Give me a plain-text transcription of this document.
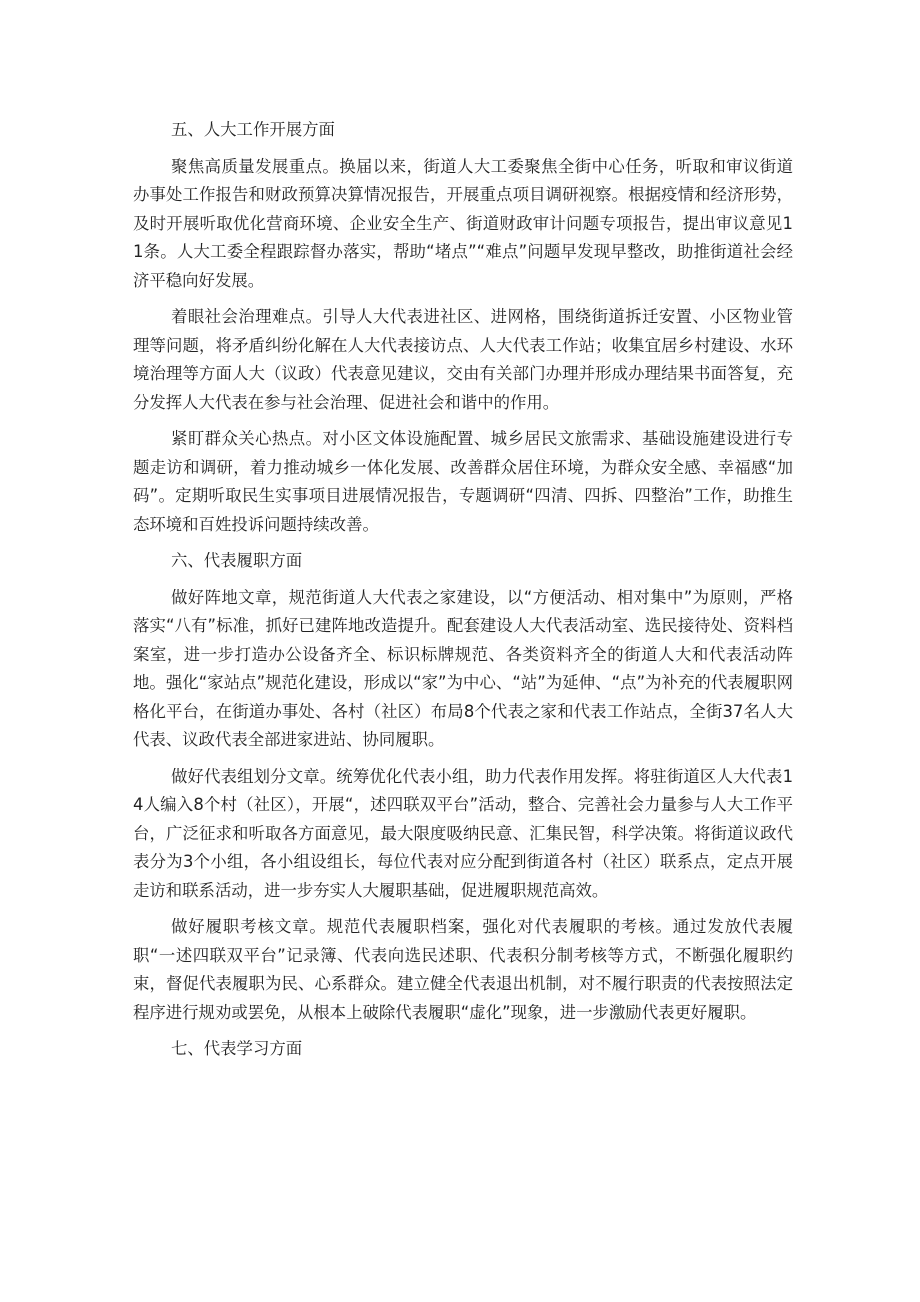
五、人大工作开展方面

聚焦高质量发展重点。换届以来，街道人大工委聚焦全街中心任务，听取和审议街道办事处工作报告和财政预算决算情况报告，开展重点项目调研视察。根据疫情和经济形势，及时开展听取优化营商环境、企业安全生产、街道财政审计问题专项报告，提出审议意见11条。人大工委全程跟踪督办落实，帮助“堵点”“难点”问题早发现早整改，助推街道社会经济平稳向好发展。

着眼社会治理难点。引导人大代表进社区、进网格，围绕街道拆迁安置、小区物业管理等问题，将矛盾纠纷化解在人大代表接访点、人大代表工作站；收集宜居乡村建设、水环境治理等方面人大（议政）代表意见建议，交由有关部门办理并形成办理结果书面答复，充分发挥人大代表在参与社会治理、促进社会和谐中的作用。

紧盯群众关心热点。对小区文体设施配置、城乡居民文旅需求、基础设施建设进行专题走访和调研，着力推动城乡一体化发展、改善群众居住环境，为群众安全感、幸福感“加码”。定期听取民生实事项目进展情况报告，专题调研“四清、四拆、四整治”工作，助推生态环境和百姓投诉问题持续改善。

六、代表履职方面

做好阵地文章，规范街道人大代表之家建设，以“方便活动、相对集中”为原则，严格落实“八有”标准，抓好已建阵地改造提升。配套建设人大代表活动室、选民接待处、资料档案室，进一步打造办公设备齐全、标识标牌规范、各类资料齐全的街道人大和代表活动阵地。强化“家站点”规范化建设，形成以“家”为中心、“站”为延伸、“点”为补充的代表履职网格化平台，在街道办事处、各村（社区）布局8个代表之家和代表工作站点，全街37名人大代表、议政代表全部进家进站、协同履职。

做好代表组划分文章。统筹优化代表小组，助力代表作用发挥。将驻街道区人大代表14人编入8个村（社区），开展“，述四联双平台”活动，整合、完善社会力量参与人大工作平台，广泛征求和听取各方面意见，最大限度吸纳民意、汇集民智，科学决策。将街道议政代表分为3个小组，各小组设组长，每位代表对应分配到街道各村（社区）联系点，定点开展走访和联系活动，进一步夯实人大履职基础，促进履职规范高效。

做好履职考核文章。规范代表履职档案，强化对代表履职的考核。通过发放代表履职“一述四联双平台”记录簿、代表向选民述职、代表积分制考核等方式，不断强化履职约束，督促代表履职为民、心系群众。建立健全代表退出机制，对不履行职责的代表按照法定程序进行规劝或罢免，从根本上破除代表履职“虚化”现象，进一步激励代表更好履职。

七、代表学习方面
